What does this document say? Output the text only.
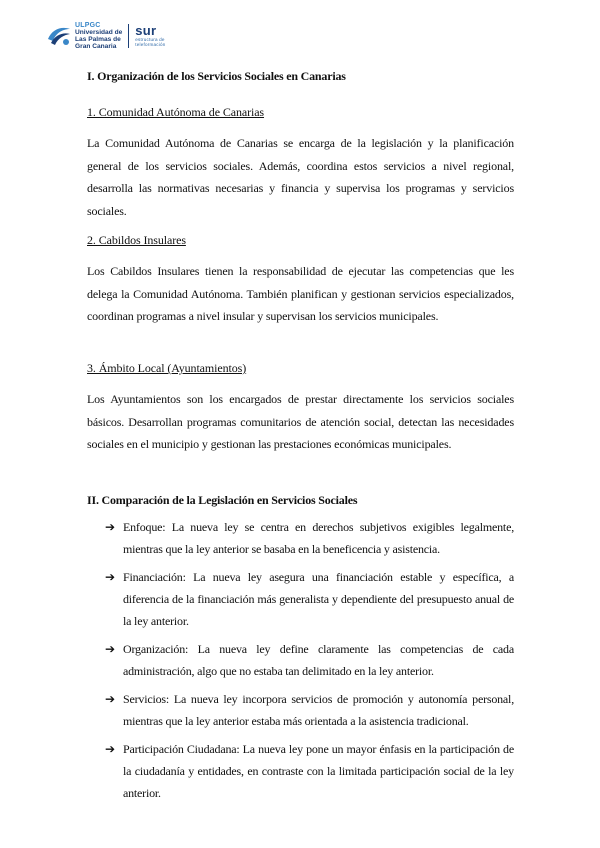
ULPGC
Universidad de
Las Palmas de
Gran Canaria
sur
estructura de
teleformación
I. Organización de los Servicios Sociales en Canarias
1. Comunidad Autónoma de Canarias
La Comunidad Autónoma de Canarias se encarga de la legislación y la planificación general de los servicios sociales. Además, coordina estos servicios a nivel regional, desarrolla las normativas necesarias y financia y supervisa los programas y servicios sociales.
2. Cabildos Insulares
Los Cabildos Insulares tienen la responsabilidad de ejecutar las competencias que les delega la Comunidad Autónoma. También planifican y gestionan servicios especializados, coordinan programas a nivel insular y supervisan los servicios municipales.
3. Ámbito Local (Ayuntamientos)
Los Ayuntamientos son los encargados de prestar directamente los servicios sociales básicos. Desarrollan programas comunitarios de atención social, detectan las necesidades sociales en el municipio y gestionan las prestaciones económicas municipales.
II. Comparación de la Legislación en Servicios Sociales
➔ Enfoque: La nueva ley se centra en derechos subjetivos exigibles legalmente, mientras que la ley anterior se basaba en la beneficencia y asistencia.
➔ Financiación: La nueva ley asegura una financiación estable y específica, a diferencia de la financiación más generalista y dependiente del presupuesto anual de la ley anterior.
➔ Organización: La nueva ley define claramente las competencias de cada administración, algo que no estaba tan delimitado en la ley anterior.
➔ Servicios: La nueva ley incorpora servicios de promoción y autonomía personal, mientras que la ley anterior estaba más orientada a la asistencia tradicional.
➔ Participación Ciudadana: La nueva ley pone un mayor énfasis en la participación de la ciudadanía y entidades, en contraste con la limitada participación social de la ley anterior.
